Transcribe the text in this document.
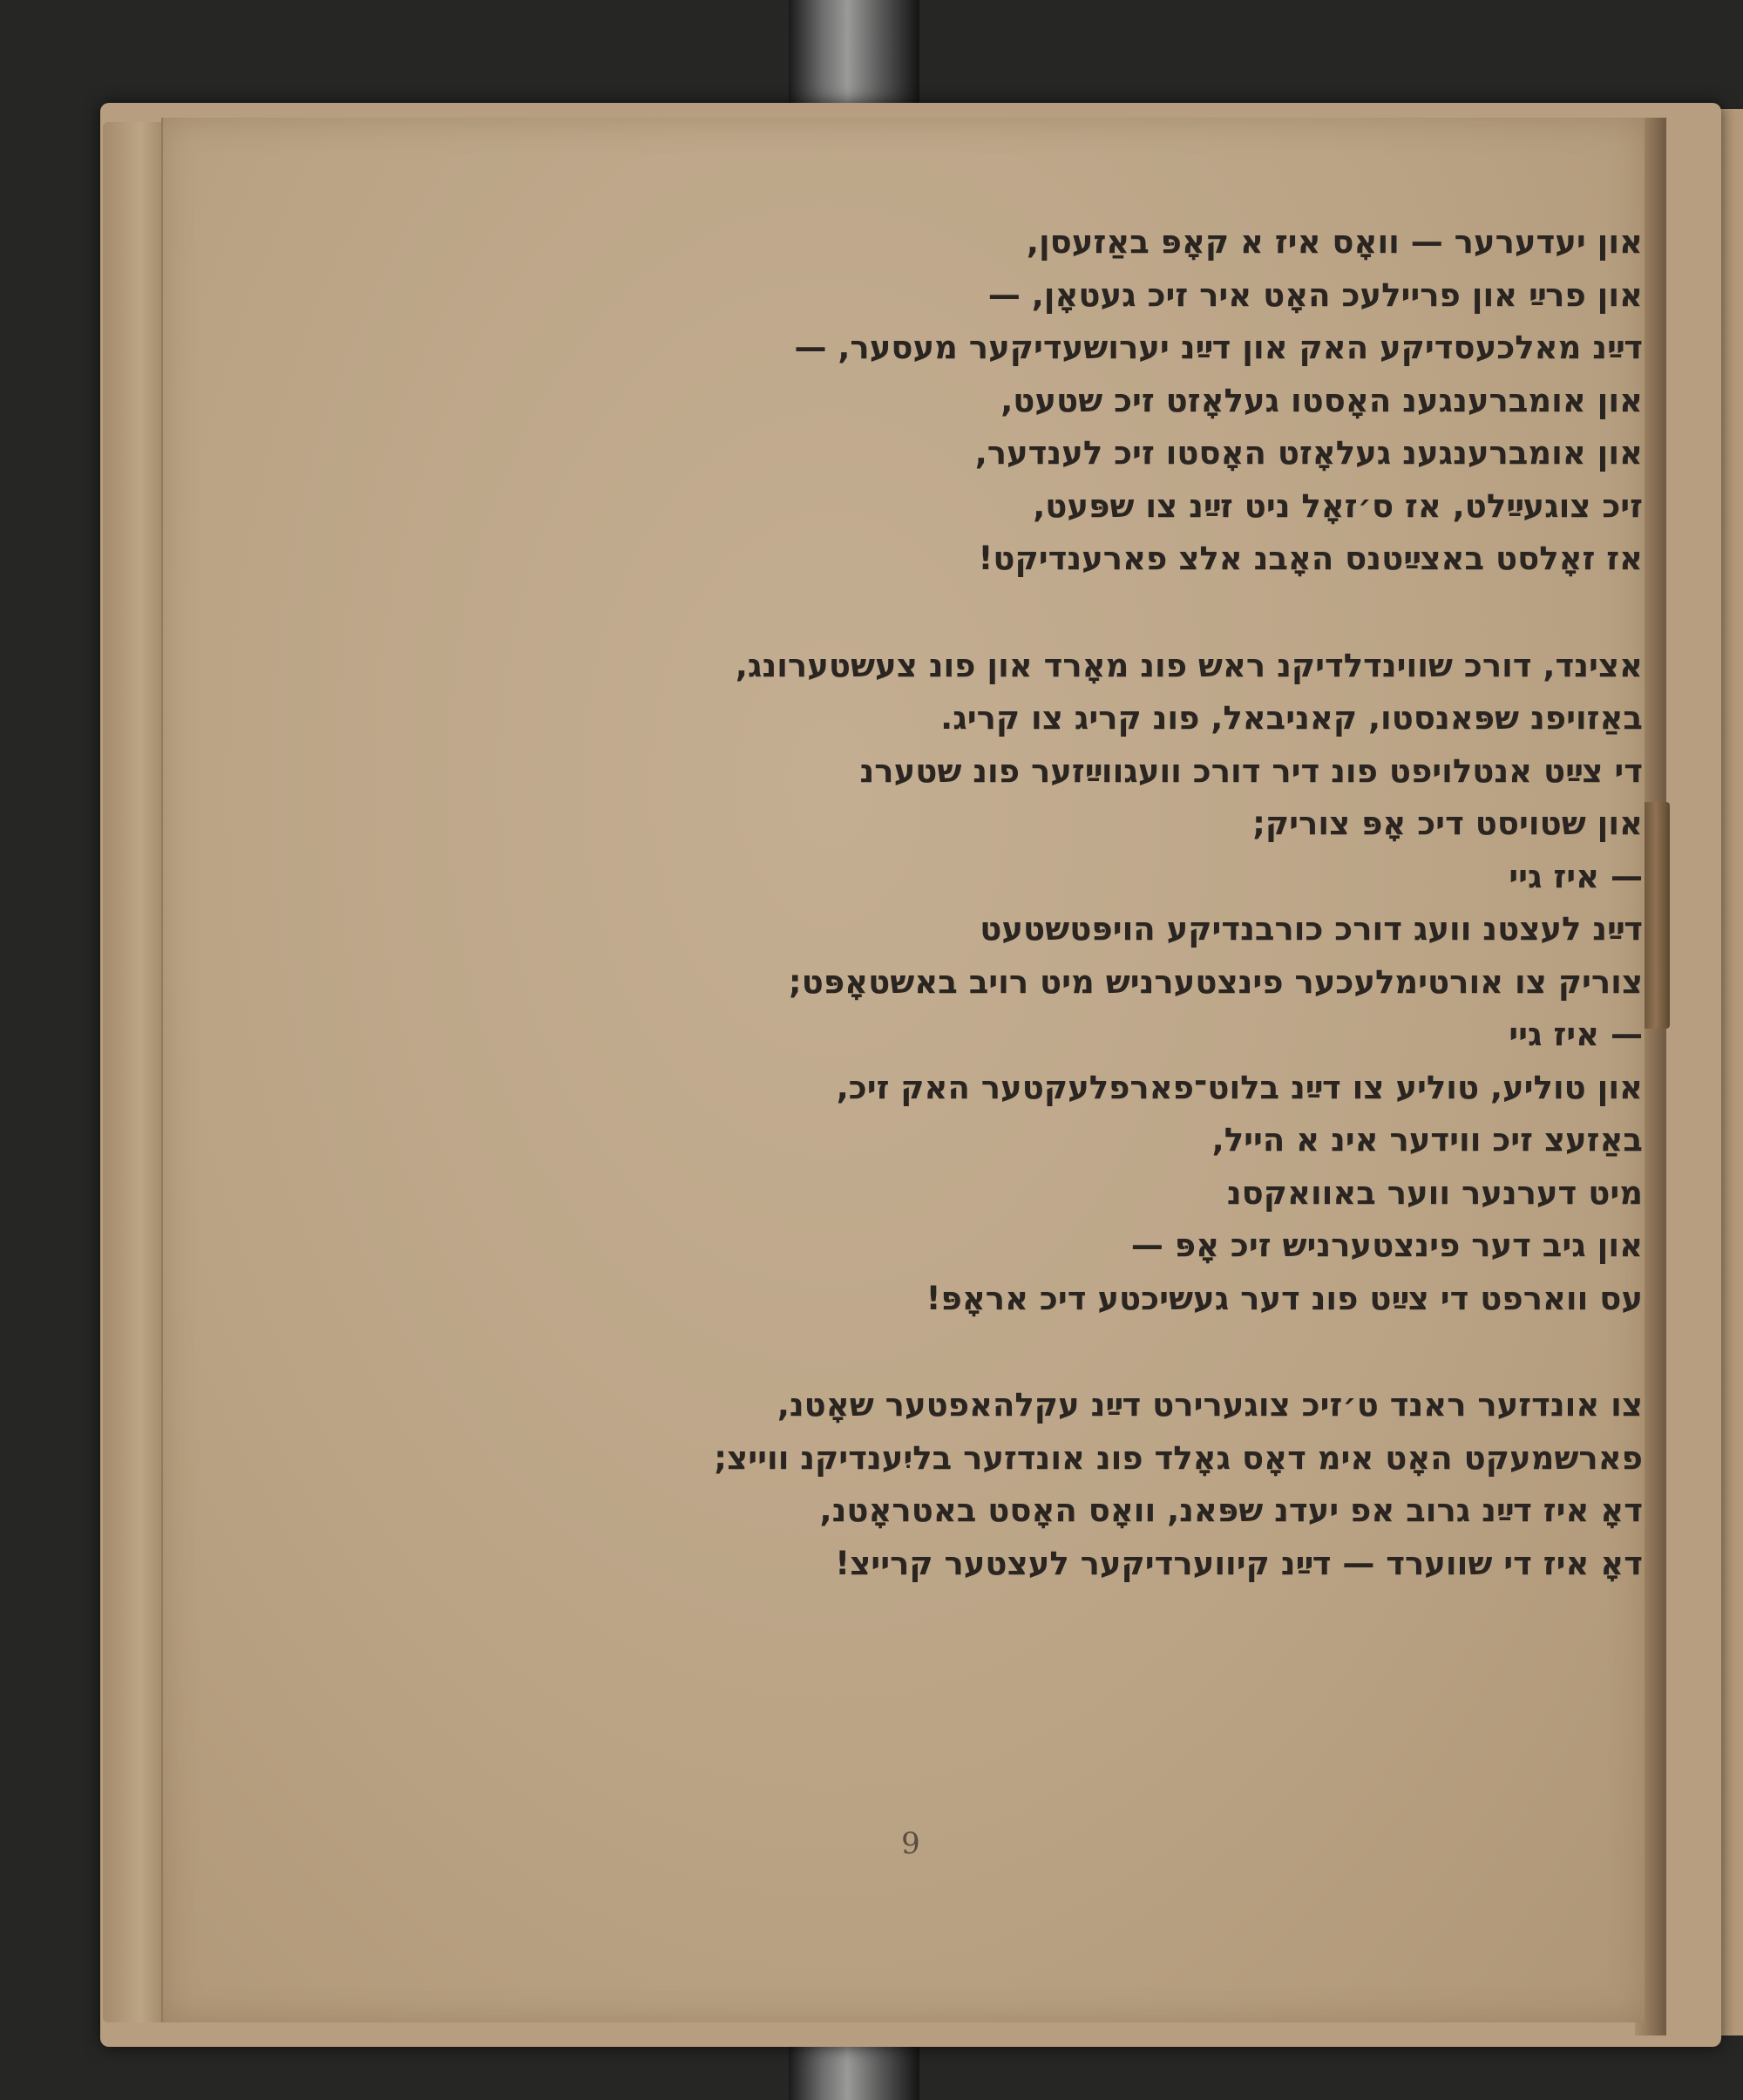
און יעדערער — וואָס איז א קאָפּ באַזעסן,
און פרײַ און פריילעכ האָט איר זיכ געטאָן, —
דײַנ מאלכעסדיקע האק און דײַנ יערושעדיקער מעסער, —
און אומברענגענ האָסטו געלאָזט זיכ שטעט,
און אומברענגענ געלאָזט האָסטו זיכ לענדער,
זיכ צוגעײַלט, אז ס׳זאָל ניט זײַנ צו שפּעט,
אז זאָלסט באצײַטנס האָבנ אלצ פארענדיקט!
אצינד, דורכ שווינדלדיקנ ראש פונ מאָרד און פונ צעשטערונג,
באַזויפנ שפּאנסטו, קאניבאל, פונ קריג צו קריג.
די צײַט אנטלויפט פונ דיר דורכ וועגווײַזער פונ שטערנ
און שטויסט דיכ אָפּ צוריק;
— איז גיי
דײַנ לעצטנ וועג דורכ כורבנדיקע הויפּטשטעט
צוריק צו אורטימלעכער פינצטערניש מיט רויב באשטאָפּט;
— איז גיי
און טוליע, טוליע צו דײַנ בלוט־פארפלעקטער האק זיכ,
באַזעצ זיכ ווידער אינ א הייל,
מיט דערנער ווער באוואקסנ
און גיב דער פינצטערניש זיכ אָפּ —
עס ווארפט די צײַט פונ דער געשיכטע דיכ אראָפּ!
צו אונדזער ראנד ט׳זיכ צוגערירט דײַנ עקלהאפטער שאָטנ,
פארשמעקט האָט אימ דאָס גאָלד פונ אונדזער בליִענדיקנ ווייצ;
דאָ איז דײַנ גרוב אפ יעדנ שפּאנ, וואָס האָסט באטראָטנ,
דאָ איז די שווערד — דײַנ קיווערדיקער לעצטער קרייצ!
9
